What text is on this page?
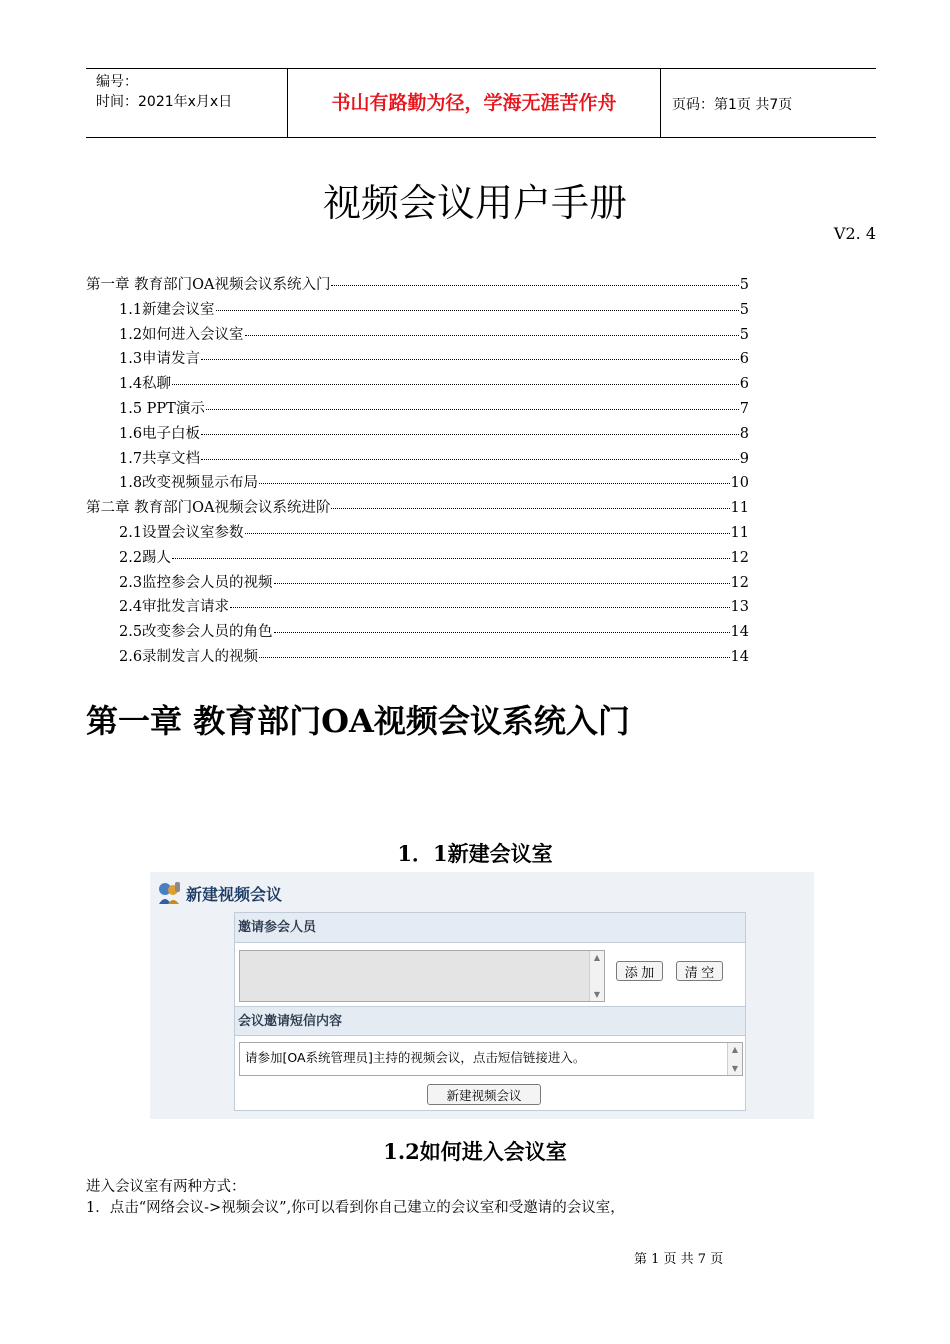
编号：
时间：2021年x月x日	书山有路勤为径，学海无涯苦作舟	页码：第1页 共7页
视频会议用户手册
V2. 4
第一章 教育部门OA视频会议系统入门	5
1.1新建会议室	5
1.2如何进入会议室	5
1.3申请发言	6
1.4私聊	6
1.5 PPT演示	7
1.6电子白板	8
1.7共享文档	9
1.8改变视频显示布局	10
第二章 教育部门OA视频会议系统进阶	11
2.1设置会议室参数	11
2.2踢人	12
2.3监控参会人员的视频	12
2.4审批发言请求	13
2.5改变参会人员的角色	14
2.6录制发言人的视频	14
第一章 教育部门OA视频会议系统入门
1．1新建会议室
新建视频会议
邀请参会人员
▲
▼
添 加	清 空
会议邀请短信内容
请参加[OA系统管理员]主持的视频会议，点击短信链接进入。
▲
▼
新建视频会议
1.2如何进入会议室
进入会议室有两种方式：
1．点击“网络会议->视频会议”,你可以看到你自己建立的会议室和受邀请的会议室，
第 1 页 共 7 页
